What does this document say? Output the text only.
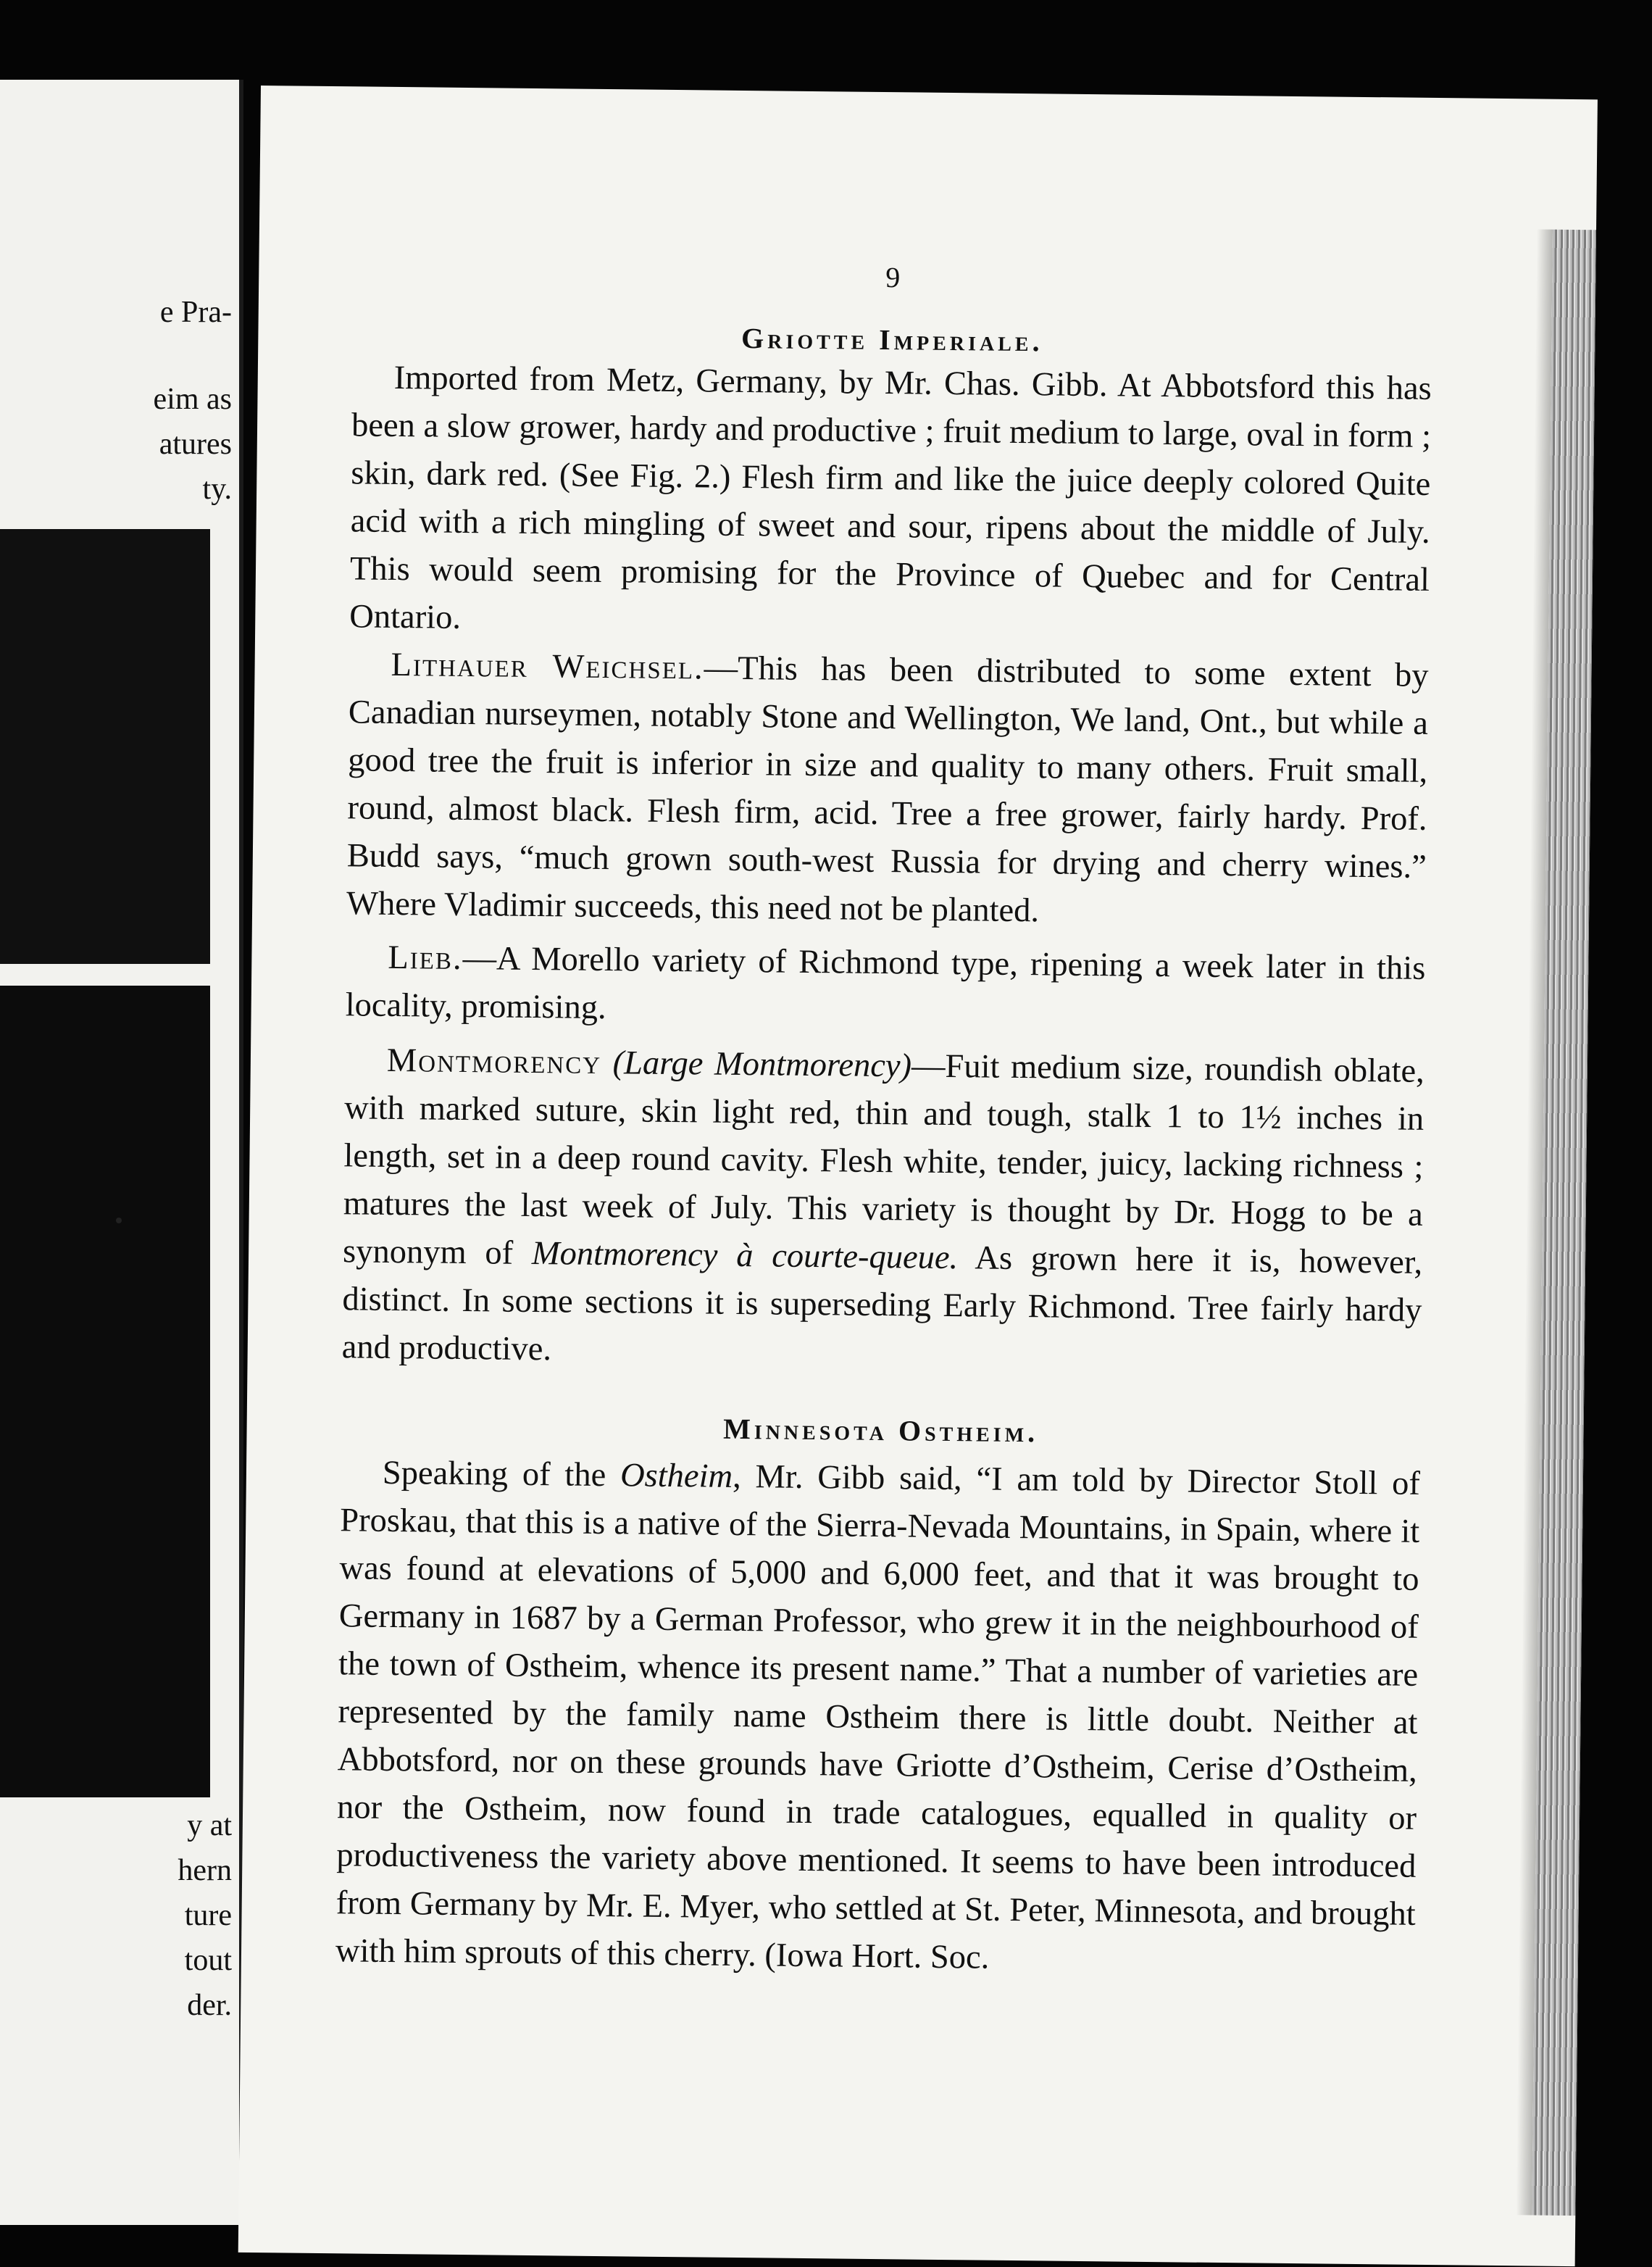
e Pra-
eim as
atures
ty.
y at
hern
ture
tout
der.
9
Griotte Imperiale.

Imported from Metz, Germany, by Mr. Chas. Gibb. At Abbotsford this has been a slow grower, hardy and productive ; fruit medium to large, oval in form ; skin, dark red. (See Fig. 2.) Flesh firm and like the juice deeply colored Quite acid with a rich mingling of sweet and sour, ripens about the middle of July. This would seem promising for the Province of Quebec and for Central Ontario.

Lithauer Weichsel.—This has been distributed to some extent by Canadian nurseymen, notably Stone and Wellington, We land, Ont., but while a good tree the fruit is inferior in size and quality to many others. Fruit small, round, almost black. Flesh firm, acid. Tree a free grower, fairly hardy. Prof. Budd says, “much grown south-west Russia for drying and cherry wines.” Where Vladimir succeeds, this need not be planted.

Lieb.—A Morello variety of Richmond type, ripening a week later in this locality, promising.

Montmorency (Large Montmorency)—Fuit medium size, roundish oblate, with marked suture, skin light red, thin and tough, stalk 1 to 1½ inches in length, set in a deep round cavity. Flesh white, tender, juicy, lacking richness ; matures the last week of July. This variety is thought by Dr. Hogg to be a synonym of Montmorency à courte-queue. As grown here it is, however, distinct. In some sections it is superseding Early Richmond. Tree fairly hardy and productive.

Minnesota Ostheim.

Speaking of the Ostheim, Mr. Gibb said, “I am told by Director Stoll of Proskau, that this is a native of the Sierra-Nevada Mountains, in Spain, where it was found at elevations of 5,000 and 6,000 feet, and that it was brought to Germany in 1687 by a German Professor, who grew it in the neighbourhood of the town of Ostheim, whence its present name.” That a number of varieties are represented by the family name Ostheim there is little doubt. Neither at Abbotsford, nor on these grounds have Griotte d’Ostheim, Cerise d’Ostheim, nor the Ostheim, now found in trade catalogues, equalled in quality or productiveness the variety above mentioned. It seems to have been introduced from Germany by Mr. E. Myer, who settled at St. Peter, Minnesota, and brought with him sprouts of this cherry. (Iowa Hort. Soc.
